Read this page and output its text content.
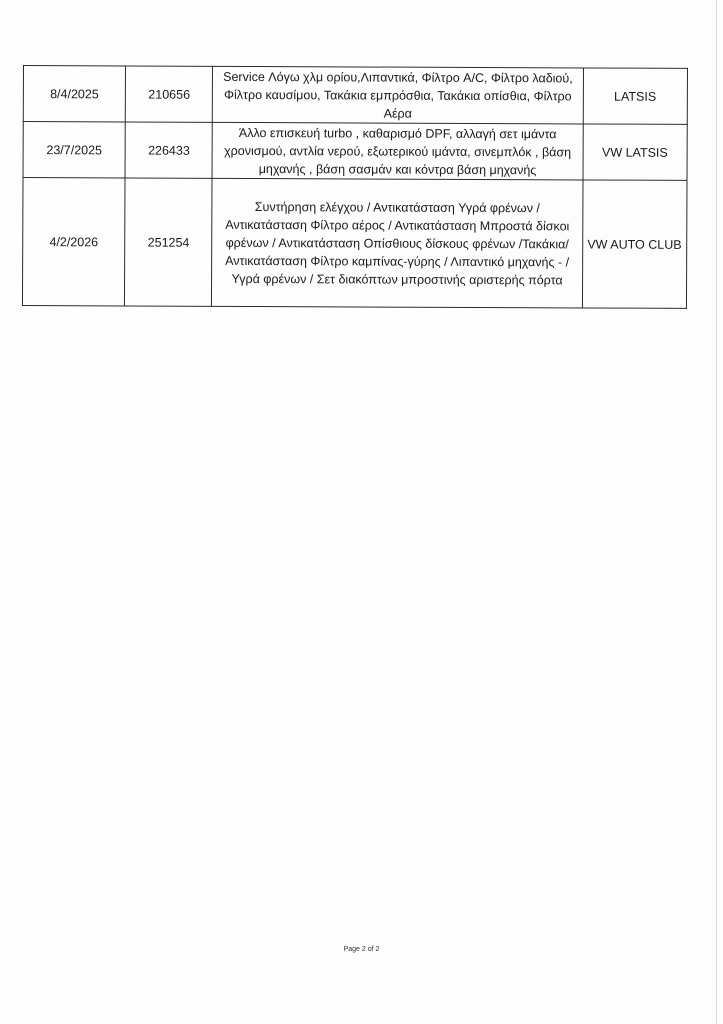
8/4/2025	210656	Service Λόγω χλμ ορίου,Λιπαντικά, Φίλτρο A/C, Φίλτρο λαδιού, Φίλτρο καυσίμου, Τακάκια εμπρόσθια, Τακάκια οπίσθια, Φίλτρο Αέρα	LATSIS
23/7/2025	226433	Άλλο επισκευή turbo , καθαρισμό DPF, αλλαγή σετ ιμάντα χρονισμού, αντλία νερού, εξωτερικού ιμάντα, σινεμπλόκ , βάση μηχανής , βάση σασμάν και κόντρα βάση μηχανής	VW LATSIS
4/2/2026	251254	Συντήρηση ελέγχου / Αντικατάσταση Υγρά φρένων / Αντικατάσταση Φίλτρο αέρος / Αντικατάσταση Μπροστά δίσκοι φρένων / Αντικατάσταση Οπίσθιους δίσκους φρένων /Τακάκια/ Αντικατάσταση Φίλτρο καμπίνας-γύρης / Λιπαντικό μηχανής - / Υγρά φρένων / Σετ διακόπτων μπροστινής αριστερής πόρτα	VW AUTO CLUB
Page 2 of 2
